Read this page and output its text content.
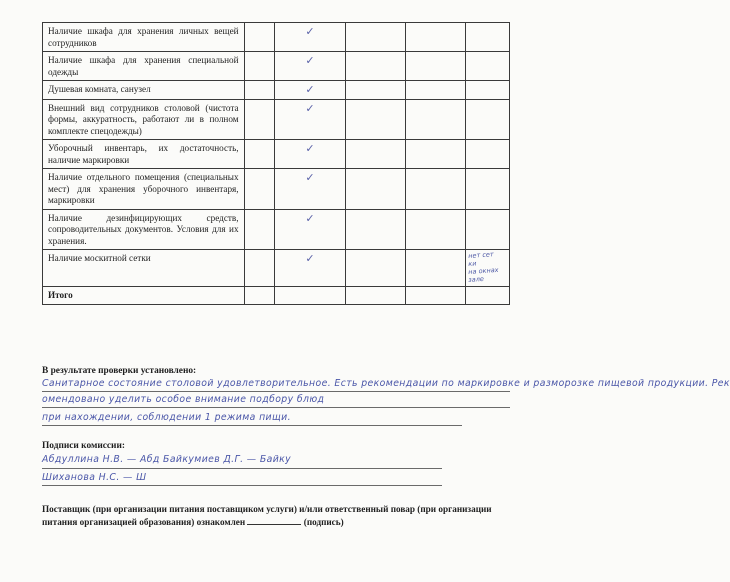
Наличие шкафа для хранения личных вещей сотрудников		✓			
Наличие шкафа для хранения специальной одежды		✓			
Душевая комната, санузел		✓			
Внешний вид сотрудников столовой (чистота формы, аккуратность, работают ли в полном комплекте спецодежды)		✓			
Уборочный инвентарь, их достаточность, наличие маркировки		✓			
Наличие отдельного помещения (специальных мест) для хранения уборочного инвентаря, маркировки		✓			
Наличие дезинфицирующих средств, сопроводительных документов. Условия для их хранения.		✓			
Наличие москитной сетки		✓			нет сет
ки
на окнах
зале

Итого					
В результате проверки установлено:
Санитарное состояние столовой удовлетворительное. Есть рекомендации по маркировке и разморозке пищевой продукции. Рек
омендовано уделить особое внимание подбору блюд
при нахождении, соблюдении 1 режима пищи.
Подписи комиссии:
Абдуллина Н.В. — Абд Байкумиев Д.Г. — Байку
Шиханова Н.С. — Ш
Поставщик (при организации питания поставщиком услуги) и/или ответственный повар (при организации питания организацией образования) ознакомлен	(подпись)
